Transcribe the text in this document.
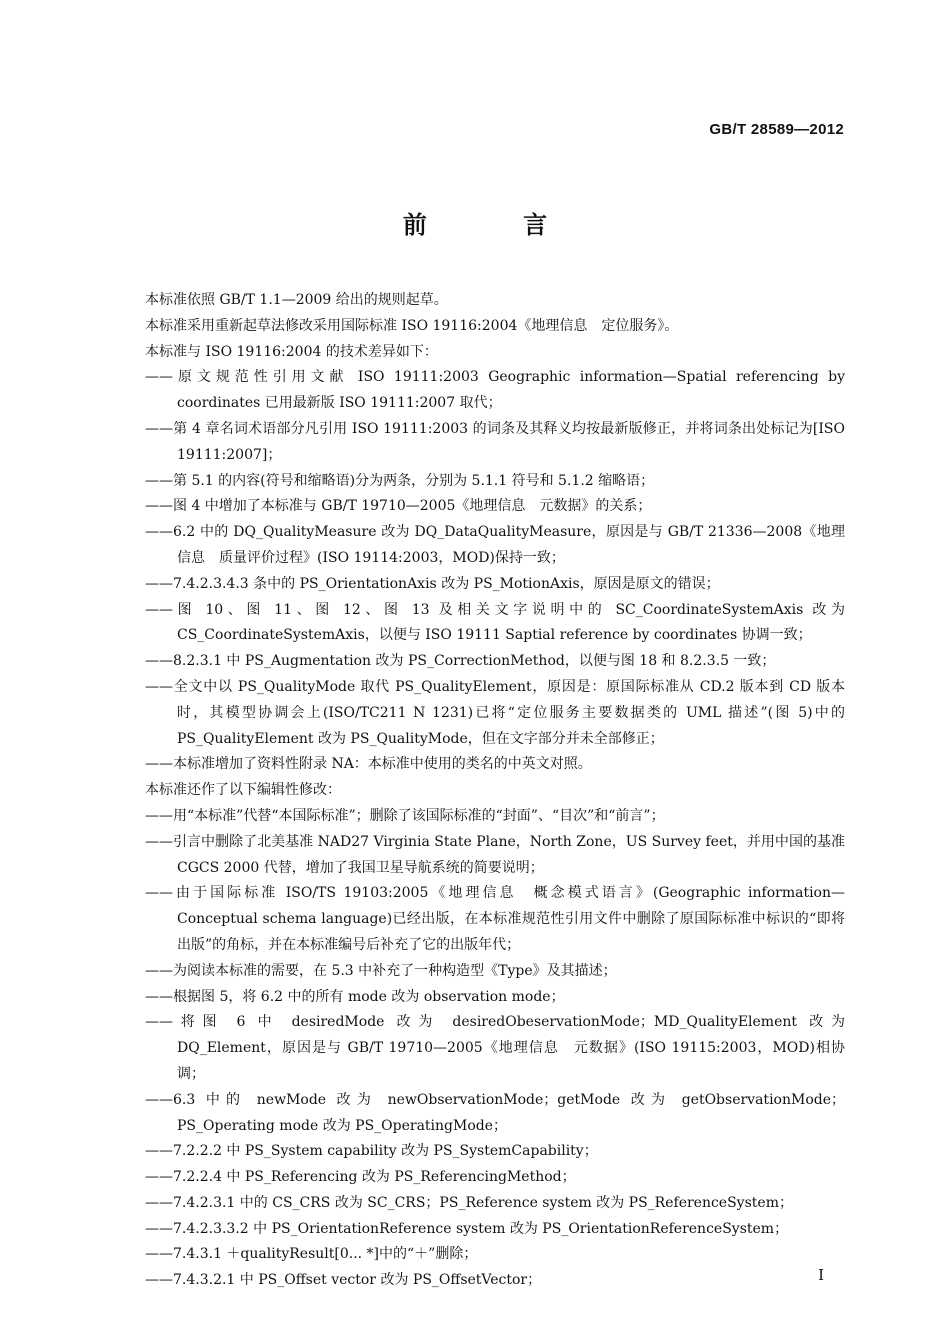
GB/T 28589—2012
前 言

本标准依照 GB/T 1.1—2009 给出的规则起草。

本标准采用重新起草法修改采用国际标准 ISO 19116:2004《地理信息　定位服务》。

本标准与 ISO 19116:2004 的技术差异如下：

——原文规范性引用文献 ISO 19111:2003 Geographic information—Spatial referencing by coordinates 已用最新版 ISO 19111:2007 取代；

——第 4 章名词术语部分凡引用 ISO 19111:2003 的词条及其释义均按最新版修正，并将词条出处标记为[ISO 19111:2007]；

——第 5.1 的内容(符号和缩略语)分为两条，分别为 5.1.1 符号和 5.1.2 缩略语；

——图 4 中增加了本标准与 GB/T 19710—2005《地理信息　元数据》的关系；

——6.2 中的 DQ_QualityMeasure 改为 DQ_DataQualityMeasure，原因是与 GB/T 21336—2008《地理信息　质量评价过程》(ISO 19114:2003，MOD)保持一致；

——7.4.2.3.4.3 条中的 PS_OrientationAxis 改为 PS_MotionAxis，原因是原文的错误；

——图 10、图 11、图 12、图 13 及相关文字说明中的 SC_CoordinateSystemAxis 改为 CS_CoordinateSystemAxis，以便与 ISO 19111 Saptial reference by coordinates 协调一致；

——8.2.3.1 中 PS_Augmentation 改为 PS_CorrectionMethod，以便与图 18 和 8.2.3.5 一致；

——全文中以 PS_QualityMode 取代 PS_QualityElement，原因是：原国际标准从 CD.2 版本到 CD 版本时，其模型协调会上(ISO/TC211 N 1231)已将“定位服务主要数据类的 UML 描述”(图 5)中的 PS_QualityElement 改为 PS_QualityMode，但在文字部分并未全部修正；

——本标准增加了资料性附录 NA：本标准中使用的类名的中英文对照。

本标准还作了以下编辑性修改：

——用“本标准”代替“本国际标准”；删除了该国际标准的“封面”、“目次”和“前言”；

——引言中删除了北美基准 NAD27 Virginia State Plane，North Zone，US Survey feet，并用中国的基准 CGCS 2000 代替，增加了我国卫星导航系统的简要说明；

——由于国际标准 ISO/TS 19103:2005《地理信息　概念模式语言》(Geographic information—Conceptual schema language)已经出版，在本标准规范性引用文件中删除了原国际标准中标识的“即将出版”的角标，并在本标准编号后补充了它的出版年代；

——为阅读本标准的需要，在 5.3 中补充了一种构造型《Type》及其描述；

——根据图 5，将 6.2 中的所有 mode 改为 observation mode；

——将图 6 中 desiredMode 改为 desiredObeservationMode；MD_QualityElement 改为 DQ_Element，原因是与 GB/T 19710—2005《地理信息　元数据》(ISO 19115:2003，MOD)相协调；

——6.3 中的 newMode 改为 newObservationMode；getMode 改为 getObservationMode；PS_Operating mode 改为 PS_OperatingMode；

——7.2.2.2 中 PS_System capability 改为 PS_SystemCapability；

——7.2.2.4 中 PS_Referencing 改为 PS_ReferencingMethod；

——7.4.2.3.1 中的 CS_CRS 改为 SC_CRS；PS_Reference system 改为 PS_ReferenceSystem；

——7.4.2.3.3.2 中 PS_OrientationReference system 改为 PS_OrientationReferenceSystem；

——7.4.3.1 ＋qualityResult[0... *]中的“＋”删除；

——7.4.3.2.1 中 PS_Offset vector 改为 PS_OffsetVector；	I
